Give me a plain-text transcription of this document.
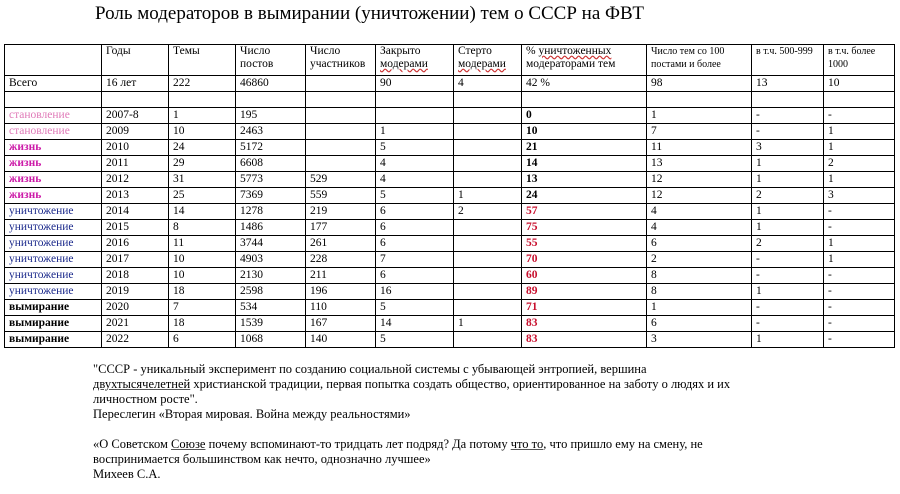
Роль модераторов в вымирании (уничтожении) тем о СССР на ФВТ
	Годы	Темы	Число постов	Число участников	Закрыто модерами	Стерто модерами	% уничтоженных модераторами тем	Число тем со 100 постами и более	в т.ч. 500-999	в т.ч. более 1000
Всего	16 лет	222	46860		90	4	42 %	98	13	10

становление	2007-8	1	195				0	1	-	-
становление	2009	10	2463		1		10	7	-	1
жизнь	2010	24	5172		5		21	11	3	1
жизнь	2011	29	6608		4		14	13	1	2
жизнь	2012	31	5773	529	4		13	12	1	1
жизнь	2013	25	7369	559	5	1	24	12	2	3
уничтожение	2014	14	1278	219	6	2	57	4	1	-
уничтожение	2015	8	1486	177	6		75	4	1	-
уничтожение	2016	11	3744	261	6		55	6	2	1
уничтожение	2017	10	4903	228	7		70	2	-	1
уничтожение	2018	10	2130	211	6		60	8	-	-
уничтожение	2019	18	2598	196	16		89	8	1	-
вымирание	2020	7	534	110	5		71	1	-	-
вымирание	2021	18	1539	167	14	1	83	6	-	-
вымирание	2022	6	1068	140	5		83	3	1	-

"СССР - уникальный эксперимент по созданию социальной системы с убывающей энтропией, вершина
двухтысячелетней христианской традиции, первая попытка создать общество, ориентированное на заботу о людях и их
личностном росте".
Переслегин «Вторая мировая. Война между реальностями»

«О Советском Союзе почему вспоминают-то тридцать лет подряд? Да потому что то, что пришло ему на смену, не
воспринимается большинством как нечто, однозначно лучшее»
Михеев С.А.
